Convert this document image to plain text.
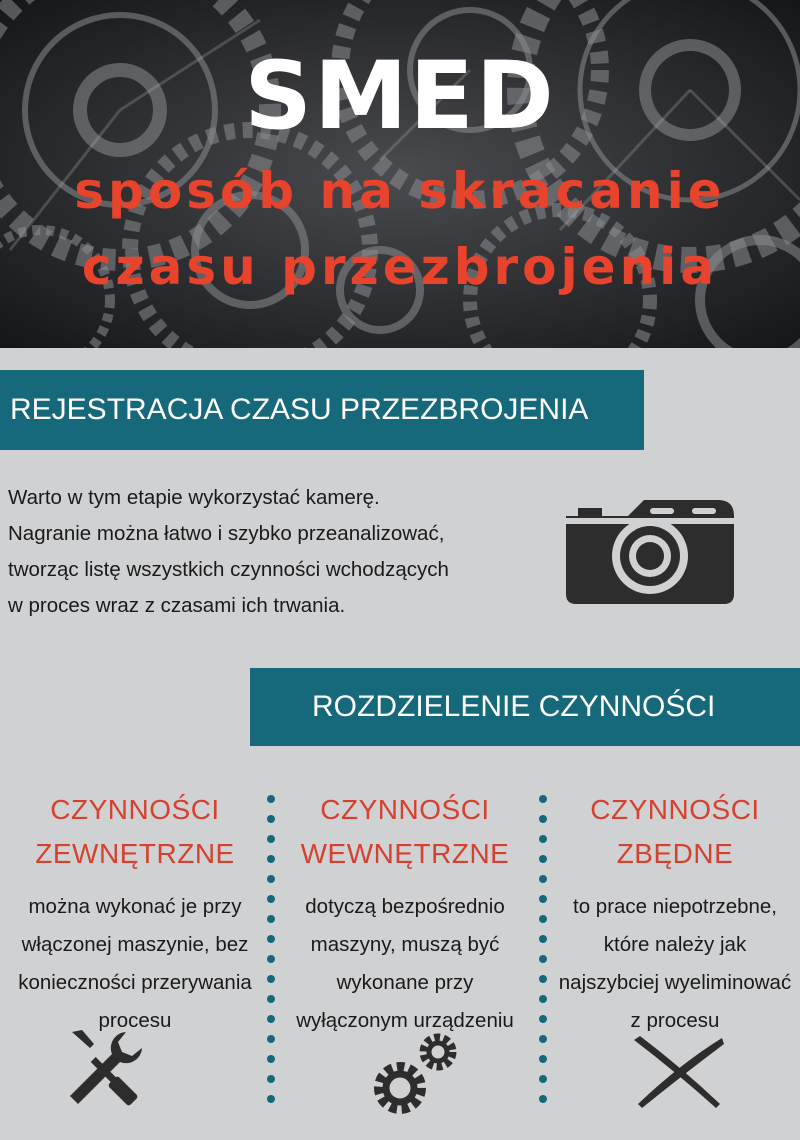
SMED
sposób na skracanie
czasu przezbrojenia
REJESTRACJA CZASU PRZEZBROJENIA
Warto w tym etapie wykorzystać kamerę.
Nagranie można łatwo i szybko przeanalizować,
tworząc listę wszystkich czynności wchodzących
w proces wraz z czasami ich trwania.
ROZDZIELENIE CZYNNOŚCI
CZYNNOŚCI
ZEWNĘTRZNE
można wykonać je przy
włączonej maszynie, bez
konieczności przerywania
procesu
CZYNNOŚCI
WEWNĘTRZNE
dotyczą bezpośrednio
maszyny, muszą być
wykonane przy
wyłączonym urządzeniu
CZYNNOŚCI
ZBĘDNE
to prace niepotrzebne,
które należy jak
najszybciej wyeliminować
z procesu
